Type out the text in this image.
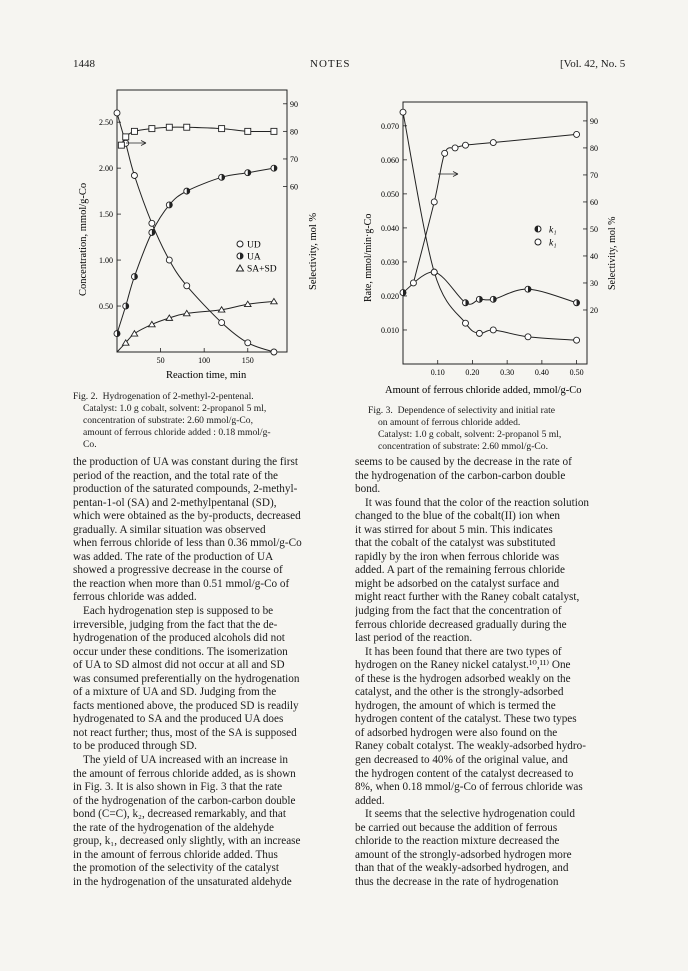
1448	NOTES	[Vol. 42, No. 5
2.50
2.00
1.50
1.00
0.50
90
80
70
60
50	100	150
Concentration, mmol/g-Co	Selectivity, mol %
Reaction time, min
UD
UA
SA+SD
0.070
0.060
0.050
0.040
0.030
0.020
0.010
90
80
70
60
50
40
30
20
0.10	0.20	0.30	0.40	0.50
Rate, mmol/min·g-Co	Selectivity, mol %
Amount of ferrous chloride added, mmol/g-Co
k₁
k₁
Fig. 2.  Hydrogenation of 2-methyl-2-pentenal.
Catalyst: 1.0 g cobalt, solvent: 2-propanol 5 ml,
concentration of substrate: 2.60 mmol/g-Co,
amount of ferrous chloride added : 0.18 mmol/g-
Co.
Fig. 3.  Dependence of selectivity and initial rate
on amount of ferrous chloride added.
Catalyst: 1.0 g cobalt, solvent: 2-propanol 5 ml,
concentration of substrate: 2.60 mmol/g-Co.
the production of UA was constant during the first
period of the reaction, and the total rate of the
production of the saturated compounds, 2-methyl-
pentan-1-ol (SA) and 2-methylpentanal (SD),
which were obtained as the by-products, decreased
gradually. A similar situation was observed
when ferrous chloride of less than 0.36 mmol/g-Co
was added. The rate of the production of UA
showed a progressive decrease in the course of
the reaction when more than 0.51 mmol/g-Co of
ferrous chloride was added.
Each hydrogenation step is supposed to be
irreversible, judging from the fact that the de-
hydrogenation of the produced alcohols did not
occur under these conditions. The isomerization
of UA to SD almost did not occur at all and SD
was consumed preferentially on the hydrogenation
of a mixture of UA and SD. Judging from the
facts mentioned above, the produced SD is readily
hydrogenated to SA and the produced UA does
not react further; thus, most of the SA is supposed
to be produced through SD.
The yield of UA increased with an increase in
the amount of ferrous chloride added, as is shown
in Fig. 3. It is also shown in Fig. 3 that the rate
of the hydrogenation of the carbon-carbon double
bond (C=C), k₂, decreased remarkably, and that
the rate of the hydrogenation of the aldehyde
group, k₁, decreased only slightly, with an increase
in the amount of ferrous chloride added. Thus
the promotion of the selectivity of the catalyst
in the hydrogenation of the unsaturated aldehyde
seems to be caused by the decrease in the rate of
the hydrogenation of the carbon-carbon double
bond.
It was found that the color of the reaction solution
changed to the blue of the cobalt(II) ion when
it was stirred for about 5 min. This indicates
that the cobalt of the catalyst was substituted
rapidly by the iron when ferrous chloride was
added. A part of the remaining ferrous chloride
might be adsorbed on the catalyst surface and
might react further with the Raney cobalt catalyst,
judging from the fact that the concentration of
ferrous chloride decreased gradually during the
last period of the reaction.
It has been found that there are two types of
hydrogen on the Raney nickel catalyst.¹⁰,¹¹⁾ One
of these is the hydrogen adsorbed weakly on the
catalyst, and the other is the strongly-adsorbed
hydrogen, the amount of which is termed the
hydrogen content of the catalyst. These two types
of adsorbed hydrogen were also found on the
Raney cobalt cotalyst. The weakly-adsorbed hydro-
gen decreased to 40% of the original value, and
the hydrogen content of the catalyst decreased to
8%, when 0.18 mmol/g-Co of ferrous chloride was
added.
It seems that the selective hydrogenation could
be carried out because the addition of ferrous
chloride to the reaction mixture decreased the
amount of the strongly-adsorbed hydrogen more
than that of the weakly-adsorbed hydrogen, and
thus the decrease in the rate of hydrogenation
